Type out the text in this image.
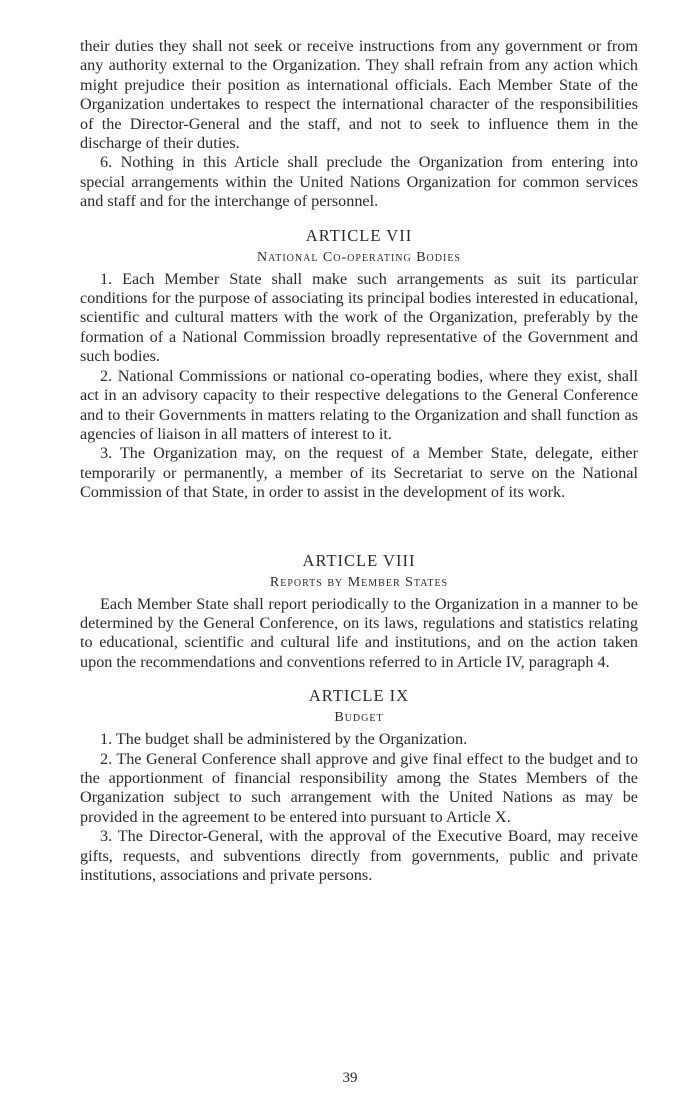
their duties they shall not seek or receive instructions from any government or from any authority external to the Organization. They shall refrain from any action which might prejudice their position as international officials. Each Member State of the Organization undertakes to respect the international character of the responsibilities of the Director-General and the staff, and not to seek to influence them in the discharge of their duties.

6. Nothing in this Article shall preclude the Organization from entering into special arrangements within the United Nations Organization for common services and staff and for the interchange of personnel.

ARTICLE VII
National Co-operating Bodies

1. Each Member State shall make such arrangements as suit its particular conditions for the purpose of associating its principal bodies interested in educational, scientific and cultural matters with the work of the Organization, preferably by the formation of a National Commission broadly representative of the Government and such bodies.

2. National Commissions or national co-operating bodies, where they exist, shall act in an advisory capacity to their respective delegations to the General Conference and to their Governments in matters relating to the Organization and shall function as agencies of liaison in all matters of interest to it.

3. The Organization may, on the request of a Member State, delegate, either temporarily or permanently, a member of its Secretariat to serve on the National Commission of that State, in order to assist in the development of its work.

ARTICLE VIII
Reports by Member States

Each Member State shall report periodically to the Organization in a manner to be determined by the General Conference, on its laws, regulations and statistics relating to educational, scientific and cultural life and institutions, and on the action taken upon the recommendations and conventions referred to in Article IV, paragraph 4.

ARTICLE IX
Budget

1. The budget shall be administered by the Organization.

2. The General Conference shall approve and give final effect to the budget and to the apportionment of financial responsibility among the States Members of the Organization subject to such arrangement with the United Nations as may be provided in the agreement to be entered into pursuant to Article X.

3. The Director-General, with the approval of the Executive Board, may receive gifts, requests, and subventions directly from governments, public and private institutions, associations and private persons.

39
